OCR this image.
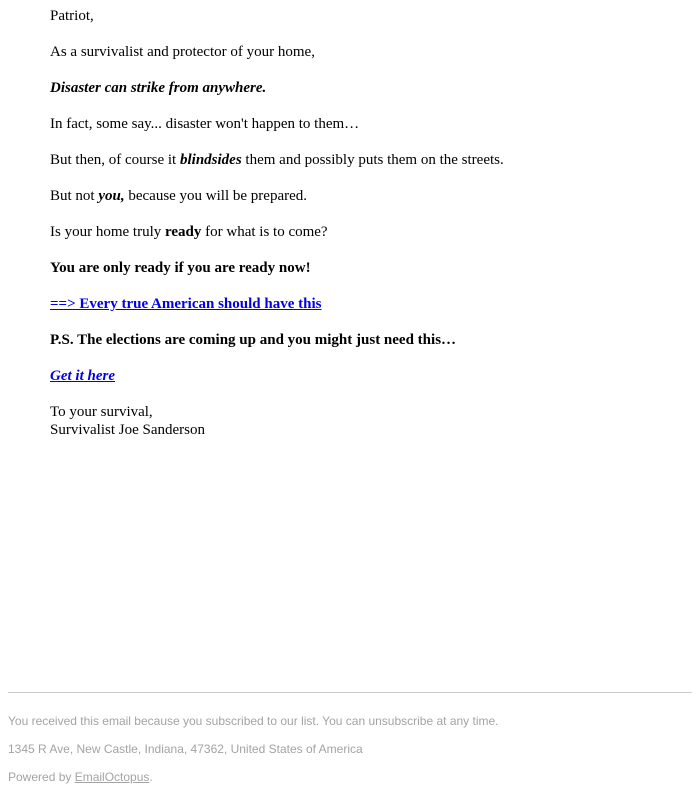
Patriot,

As a survivalist and protector of your home,

Disaster can strike from anywhere.

In fact, some say... disaster won't happen to them…

But then, of course it blindsides them and possibly puts them on the streets.

But not you, because you will be prepared.

Is your home truly ready for what is to come?

You are only ready if you are ready now!

==> Every true American should have this

P.S. The elections are coming up and you might just need this…

Get it here

To your survival,
Survivalist Joe Sanderson
You received this email because you subscribed to our list. You can unsubscribe at any time.
1345 R Ave, New Castle, Indiana, 47362, United States of America
Powered by EmailOctopus.
